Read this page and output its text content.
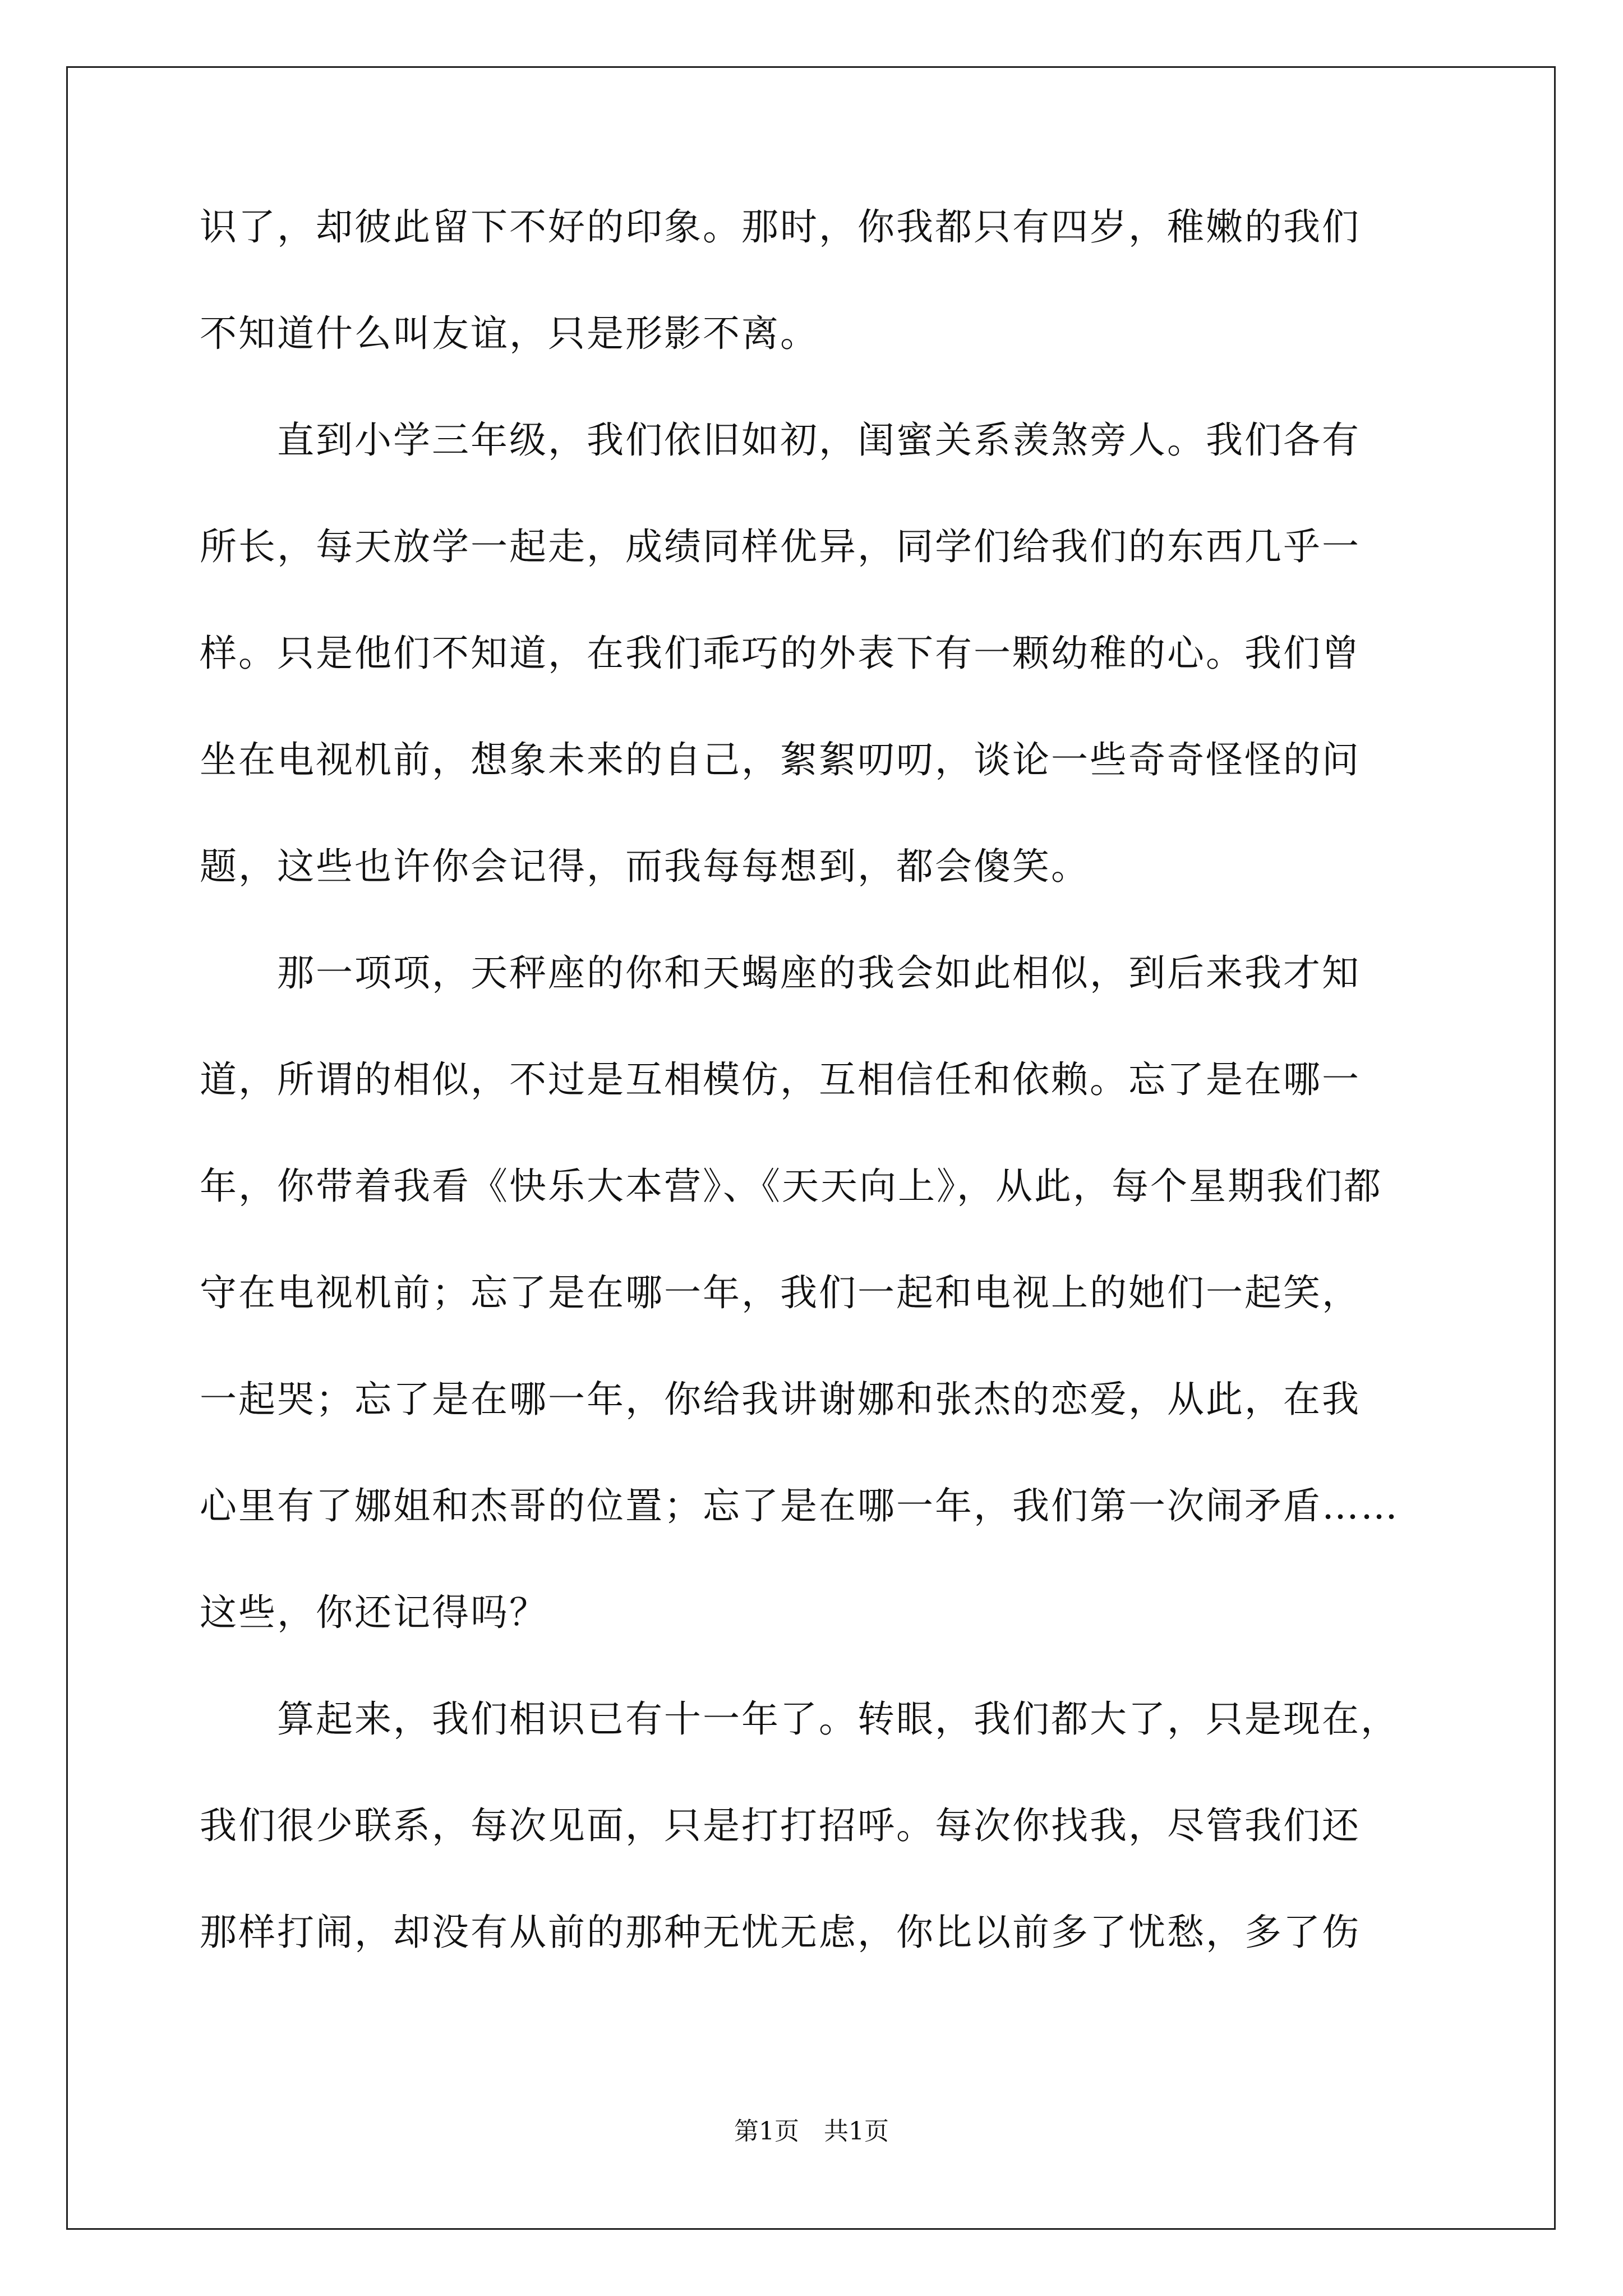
识了，却彼此留下不好的印象。那时，你我都只有四岁，稚嫩的我们
不知道什么叫友谊，只是形影不离。
　　直到小学三年级，我们依旧如初，闺蜜关系羡煞旁人。我们各有
所长，每天放学一起走，成绩同样优异，同学们给我们的东西几乎一
样。只是他们不知道，在我们乖巧的外表下有一颗幼稚的心。我们曾
坐在电视机前，想象未来的自己，絮絮叨叨，谈论一些奇奇怪怪的问
题，这些也许你会记得，而我每每想到，都会傻笑。
　　那一项项，天秤座的你和天蝎座的我会如此相似，到后来我才知
道，所谓的相似，不过是互相模仿，互相信任和依赖。忘了是在哪一
年，你带着我看《快乐大本营》、《天天向上》，从此，每个星期我们都
守在电视机前；忘了是在哪一年，我们一起和电视上的她们一起笑，
一起哭；忘了是在哪一年，你给我讲谢娜和张杰的恋爱，从此，在我
心里有了娜姐和杰哥的位置；忘了是在哪一年，我们第一次闹矛盾……
这些，你还记得吗？
　　算起来，我们相识已有十一年了。转眼，我们都大了，只是现在，
我们很少联系，每次见面，只是打打招呼。每次你找我，尽管我们还
那样打闹，却没有从前的那种无忧无虑，你比以前多了忧愁，多了伤
第1页　共1页
